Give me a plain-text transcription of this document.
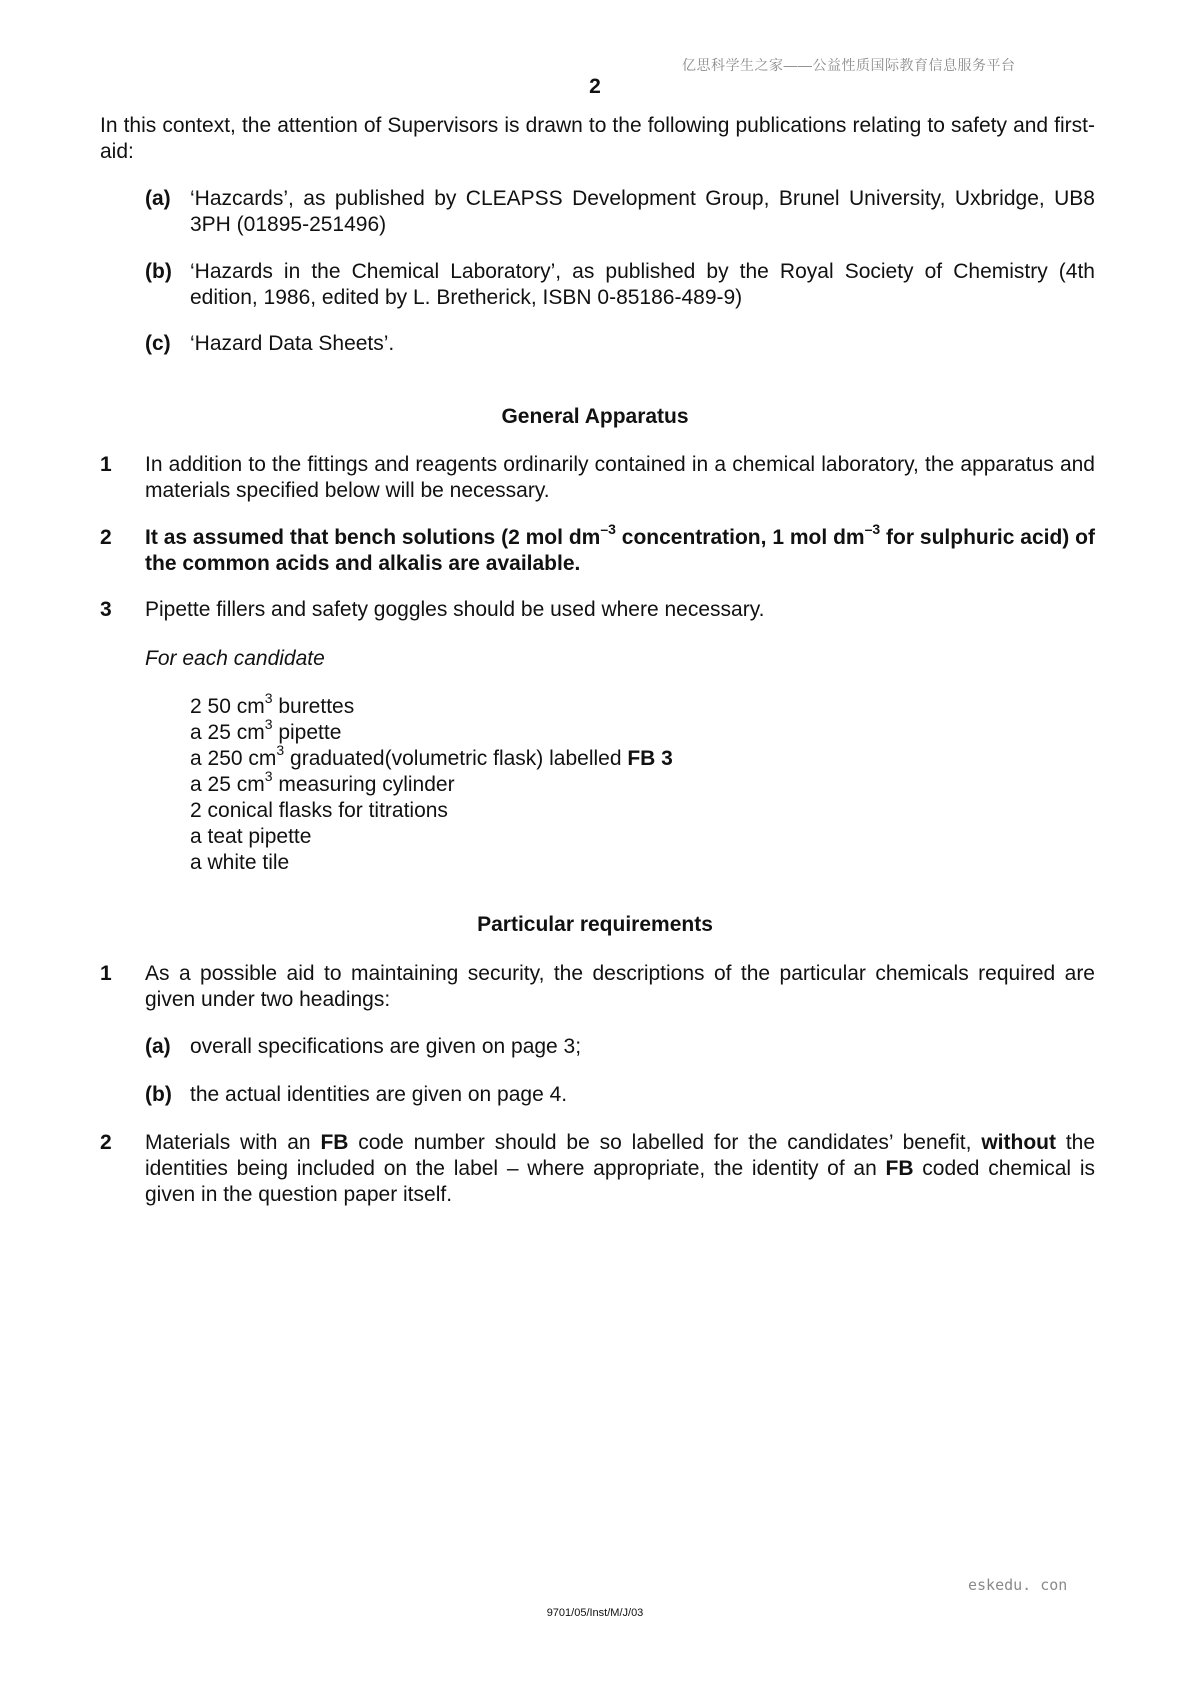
亿思科学生之家——公益性质国际教育信息服务平台
2
In this context, the attention of Supervisors is drawn to the following publications relating to safety and first-aid:
(a) ‘Hazcards’, as published by CLEAPSS Development Group, Brunel University, Uxbridge, UB8 3PH (01895-251496)
(b) ‘Hazards in the Chemical Laboratory’, as published by the Royal Society of Chemistry (4th edition, 1986, edited by L. Bretherick, ISBN 0-85186-489-9)
(c) ‘Hazard Data Sheets’.
General Apparatus
1 In addition to the fittings and reagents ordinarily contained in a chemical laboratory, the apparatus and materials specified below will be necessary.
2 It as assumed that bench solutions (2 mol $dm^{-3}$ concentration, 1 mol $dm^{-3}$ for sulphuric acid) of the common acids and alkalis are available.
3 Pipette fillers and safety goggles should be used where necessary.
For each candidate
2 50 $cm^3$ burettes
a 25 $cm^3$ pipette
a 250 $cm^3$ graduated(volumetric flask) labelled FB 3
a 25 $cm^3$ measuring cylinder
2 conical flasks for titrations
a teat pipette
a white tile
Particular requirements
1 As a possible aid to maintaining security, the descriptions of the particular chemicals required are given under two headings:
(a) overall specifications are given on page 3;
(b) the actual identities are given on page 4.
2 Materials with an FB code number should be so labelled for the candidates’ benefit, without the identities being included on the label – where appropriate, the identity of an FB coded chemical is given in the question paper itself.
eskedu. con
9701/05/Inst/M/J/03
